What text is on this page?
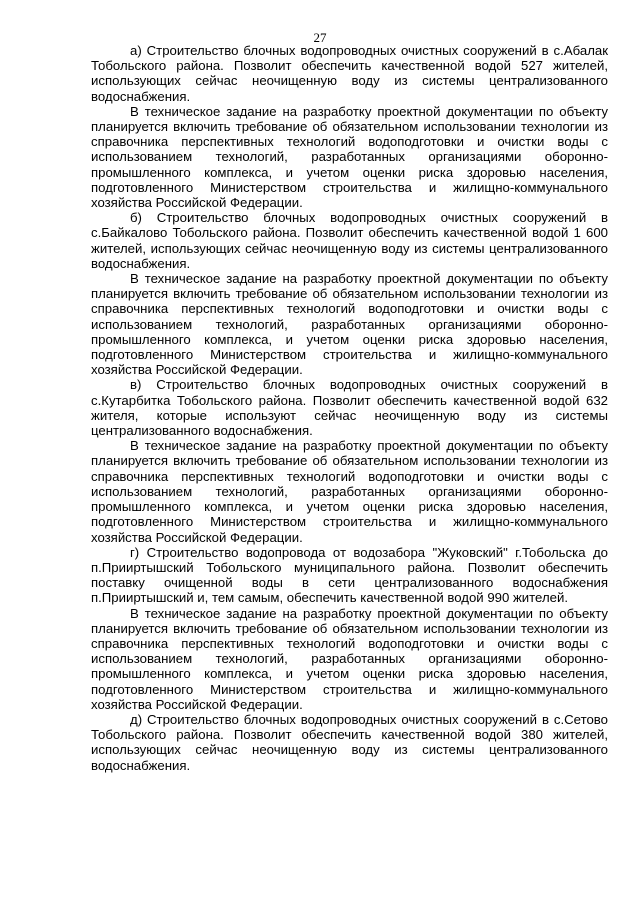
27

а) Строительство блочных водопроводных очистных сооружений в с.Абалак Тобольского района. Позволит обеспечить качественной водой 527 жителей, использующих сейчас неочищенную воду из системы централизованного водоснабжения.

В техническое задание на разработку проектной документации по объекту планируется включить требование об обязательном использовании технологии из справочника перспективных технологий водоподготовки и очистки воды с использованием технологий, разработанных организациями оборонно-промышленного комплекса, и учетом оценки риска здоровью населения, подготовленного Министерством строительства и жилищно-коммунального хозяйства Российской Федерации.

б) Строительство блочных водопроводных очистных сооружений в с.Байкалово Тобольского района. Позволит обеспечить качественной водой 1 600 жителей, использующих сейчас неочищенную воду из системы централизованного водоснабжения.

В техническое задание на разработку проектной документации по объекту планируется включить требование об обязательном использовании технологии из справочника перспективных технологий водоподготовки и очистки воды с использованием технологий, разработанных организациями оборонно-промышленного комплекса, и учетом оценки риска здоровью населения, подготовленного Министерством строительства и жилищно-коммунального хозяйства Российской Федерации.

в) Строительство блочных водопроводных очистных сооружений в с.Кутарбитка Тобольского района. Позволит обеспечить качественной водой 632 жителя, которые используют сейчас неочищенную воду из системы централизованного водоснабжения.

В техническое задание на разработку проектной документации по объекту планируется включить требование об обязательном использовании технологии из справочника перспективных технологий водоподготовки и очистки воды с использованием технологий, разработанных организациями оборонно-промышленного комплекса, и учетом оценки риска здоровью населения, подготовленного Министерством строительства и жилищно-коммунального хозяйства Российской Федерации.

г) Строительство водопровода от водозабора "Жуковский" г.Тобольска до п.Прииртышский Тобольского муниципального района. Позволит обеспечить поставку очищенной воды в сети централизованного водоснабжения п.Прииртышский и, тем самым, обеспечить качественной водой 990 жителей.

В техническое задание на разработку проектной документации по объекту планируется включить требование об обязательном использовании технологии из справочника перспективных технологий водоподготовки и очистки воды с использованием технологий, разработанных организациями оборонно-промышленного комплекса, и учетом оценки риска здоровью населения, подготовленного Министерством строительства и жилищно-коммунального хозяйства Российской Федерации.

д) Строительство блочных водопроводных очистных сооружений в с.Сетово Тобольского района. Позволит обеспечить качественной водой 380 жителей, использующих сейчас неочищенную воду из системы централизованного водоснабжения.
